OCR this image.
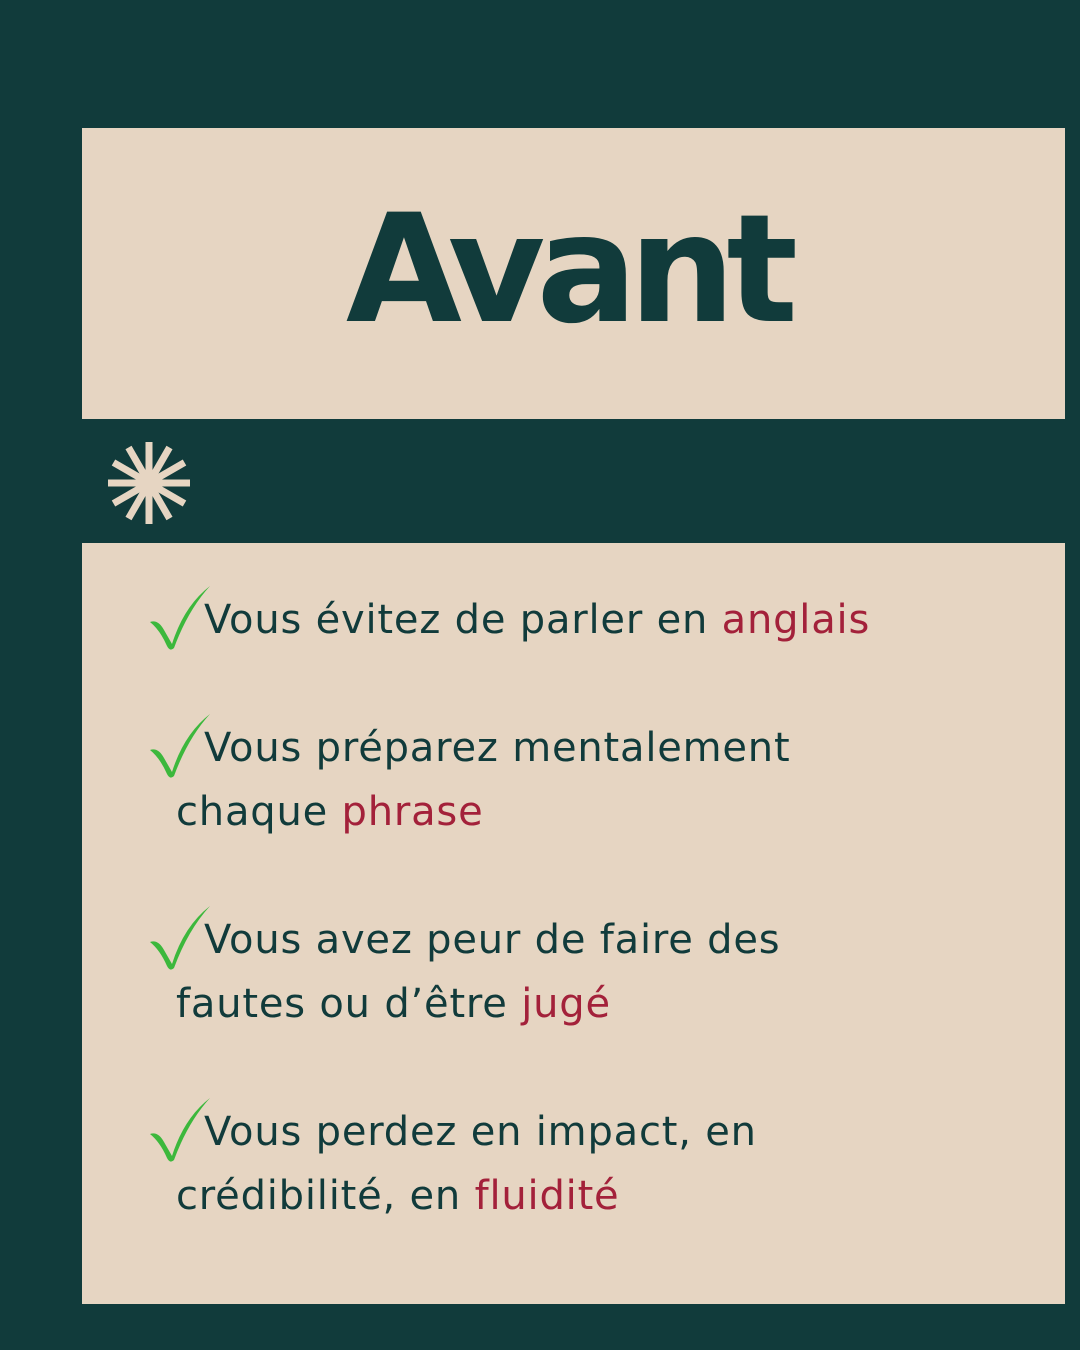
Avant
Vous évitez de parler en anglais
Vous préparez mentalement
chaque phrase
Vous avez peur de faire des
fautes ou d’être jugé
Vous perdez en impact, en
crédibilité, en fluidité
